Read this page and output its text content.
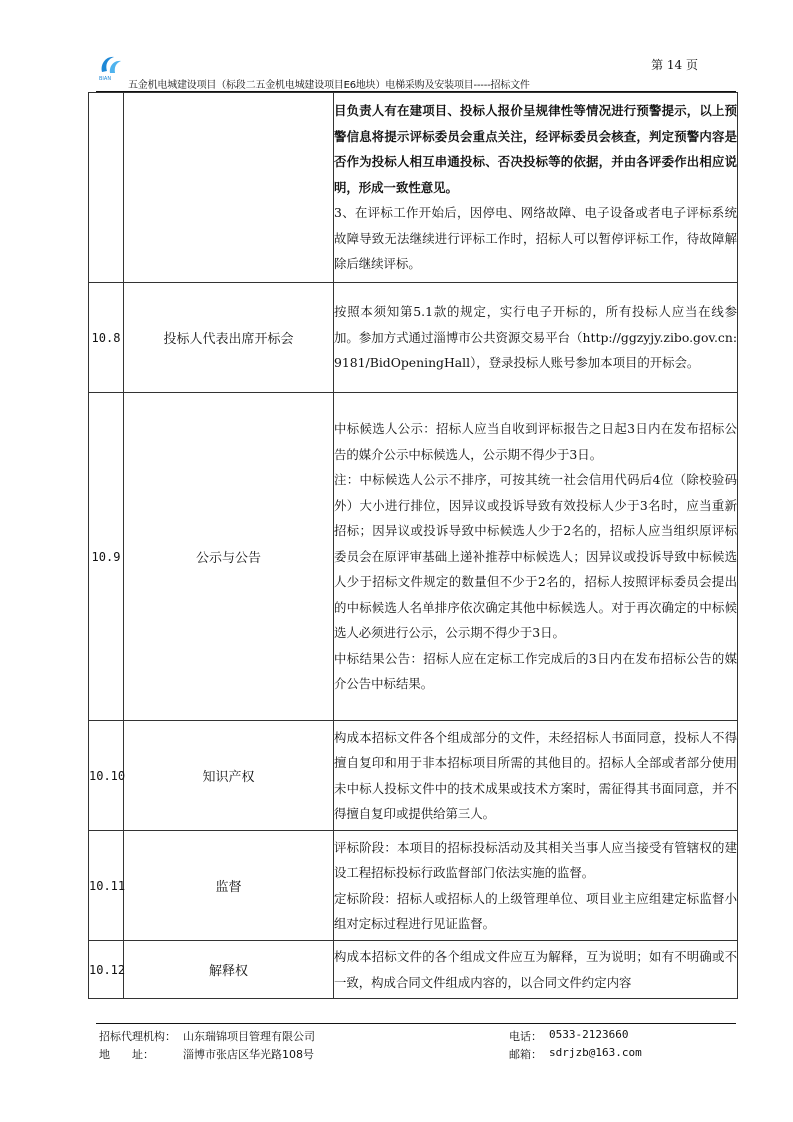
BIAN
五金机电城建设项目（标段二五金机电城建设项目E6地块）电梯采购及安装项目-----招标文件
第 14 页

		目负责人有在建项目、投标人报价呈规律性等情况进行预警提示，以上预警信息将提示评标委员会重点关注，经评标委员会核查，判定预警内容是否作为投标人相互串通投标、否决投标等的依据，并由各评委作出相应说明，形成一致性意见。

3、在评标工作开始后，因停电、网络故障、电子设备或者电子评标系统故障导致无法继续进行评标工作时，招标人可以暂停评标工作，待故障解除后继续评标。

10.8	投标人代表出席开标会	按照本须知第5.1款的规定，实行电子开标的，所有投标人应当在线参加。参加方式通过淄博市公共资源交易平台（http://ggzyjy.zibo.gov.cn:9181/BidOpeningHall），登录投标人账号参加本项目的开标会。

10.9	公示与公告	中标候选人公示：招标人应当自收到评标报告之日起3日内在发布招标公告的媒介公示中标候选人，公示期不得少于3日。

注：中标候选人公示不排序，可按其统一社会信用代码后4位（除校验码外）大小进行排位，因异议或投诉导致有效投标人少于3名时，应当重新招标；因异议或投诉导致中标候选人少于2名的，招标人应当组织原评标委员会在原评审基础上递补推荐中标候选人；因异议或投诉导致中标候选人少于招标文件规定的数量但不少于2名的，招标人按照评标委员会提出的中标候选人名单排序依次确定其他中标候选人。对于再次确定的中标候选人必须进行公示，公示期不得少于3日。

中标结果公告：招标人应在定标工作完成后的3日内在发布招标公告的媒介公告中标结果。

10.10	知识产权	构成本招标文件各个组成部分的文件，未经招标人书面同意，投标人不得擅自复印和用于非本招标项目所需的其他目的。招标人全部或者部分使用未中标人投标文件中的技术成果或技术方案时，需征得其书面同意，并不得擅自复印或提供给第三人。

10.11	监督	评标阶段：本项目的招标投标活动及其相关当事人应当接受有管辖权的建设工程招标投标行政监督部门依法实施的监督。

定标阶段：招标人或招标人的上级管理单位、项目业主应组建定标监督小组对定标过程进行见证监督。

10.12	解释权	构成本招标文件的各个组成文件应互为解释，互为说明；如有不明确或不一致，构成合同文件组成内容的，以合同文件约定内容

招标代理机构： 山东瑞锦项目管理有限公司	电话： 0533-2123660
地　　址：	淄博市张店区华光路108号	邮箱： sdrjzb@163.com
